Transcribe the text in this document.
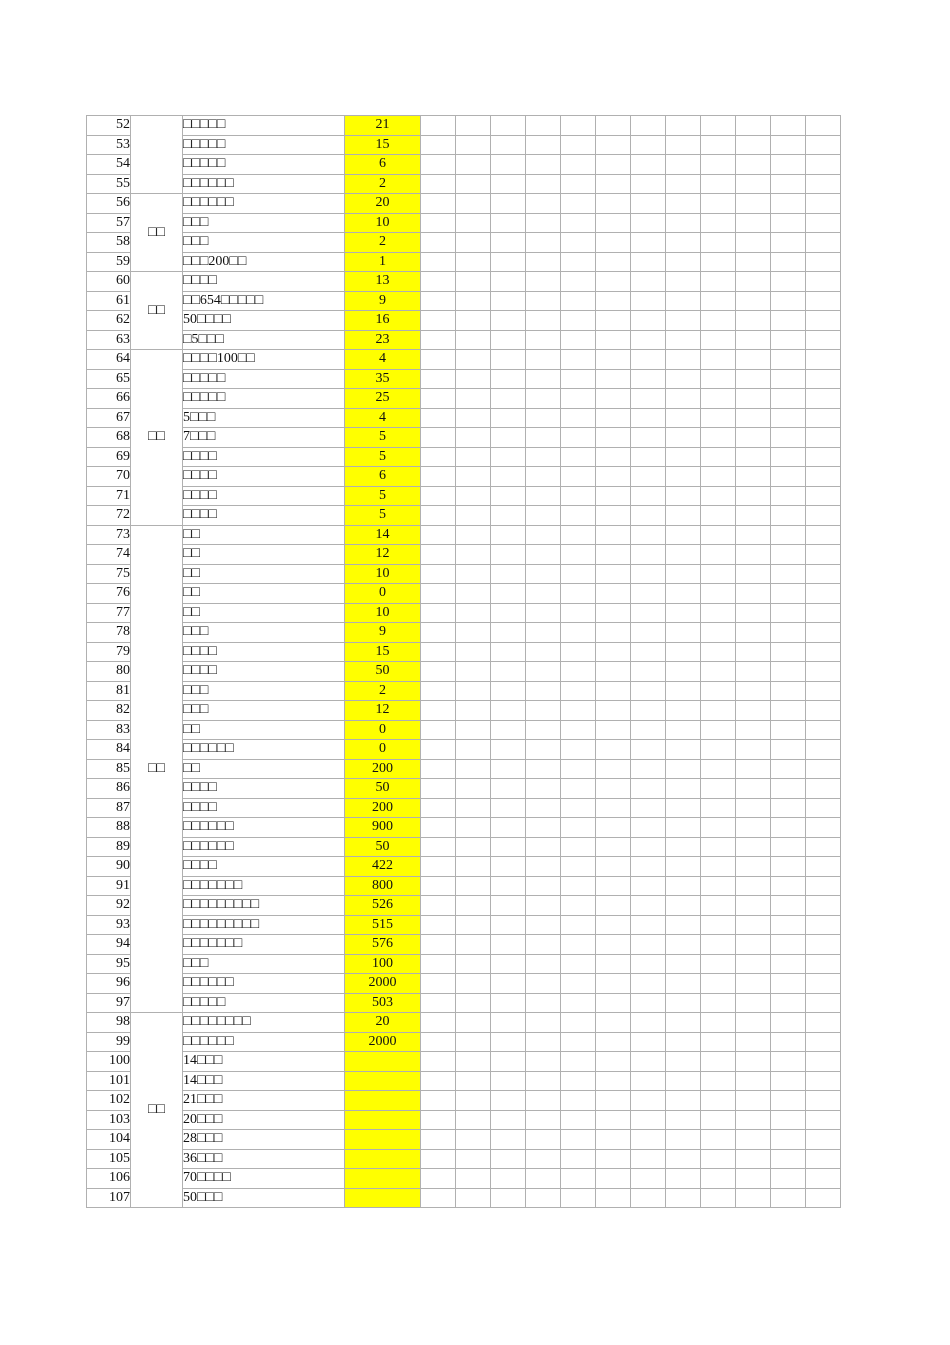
52		□□□□□	21												
53		□□□□□	15												
54		□□□□□	6												
55		□□□□□□	2												
56	□□	□□□□□□	20												
57		□□□	10												
58		□□□	2												
59		□□□200□□	1												
60	□□	□□□□	13												
61		□□654□□□□□	9												
62		50□□□□	16												
63		□5□□□	23												
64	□□	□□□□100□□	4												
65		□□□□□	35												
66		□□□□□	25												
67		5□□□	4												
68		7□□□	5												
69		□□□□	5												
70		□□□□	6												
71		□□□□	5												
72		□□□□	5												
73	□□	□□	14												
74		□□	12												
75		□□	10												
76		□□	0												
77		□□	10												
78		□□□	9												
79		□□□□	15												
80		□□□□	50												
81		□□□	2												
82		□□□	12												
83		□□	0												
84		□□□□□□	0												
85		□□	200												
86		□□□□	50												
87		□□□□	200												
88		□□□□□□	900												
89		□□□□□□	50												
90		□□□□	422												
91		□□□□□□□	800												
92		□□□□□□□□□	526												
93		□□□□□□□□□	515												
94		□□□□□□□	576												
95		□□□	100												
96		□□□□□□	2000												
97		□□□□□	503												
98	□□	□□□□□□□□	20												
99		□□□□□□	2000												
100		14□□□													
101		14□□□													
102		21□□□													
103		20□□□													
104		28□□□													
105		36□□□													
106		70□□□□													
107		50□□□													
